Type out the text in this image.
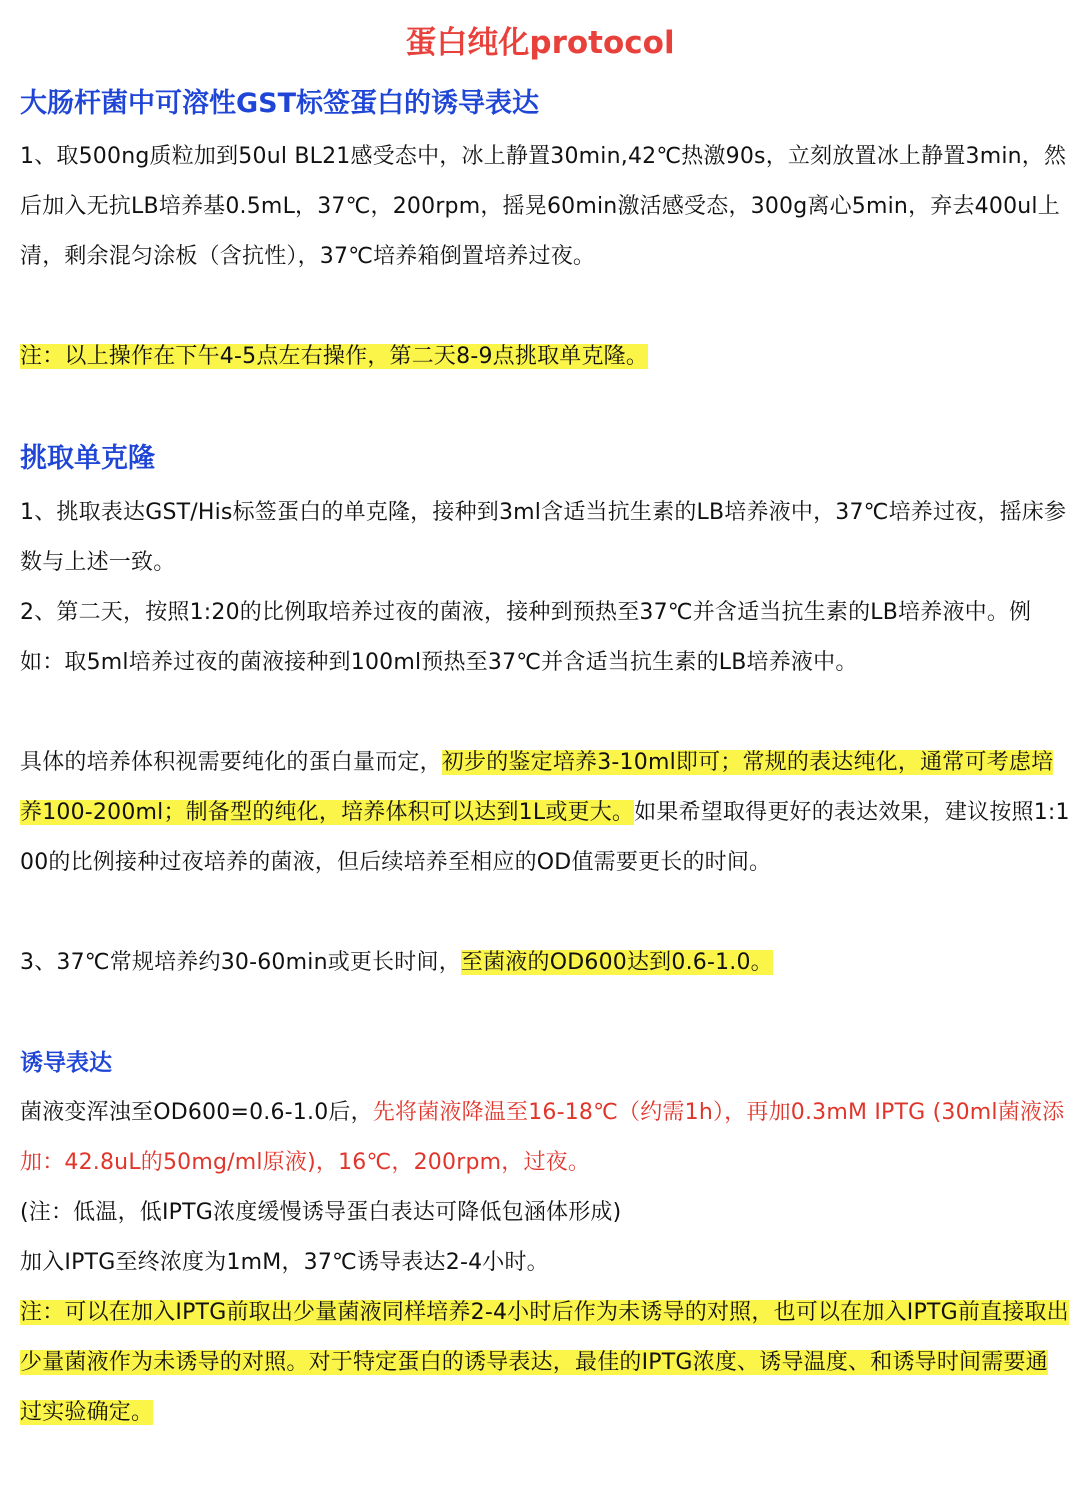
蛋白纯化protocol
大肠杆菌中可溶性GST标签蛋白的诱导表达

1、取500ng质粒加到50ul BL21感受态中，冰上静置30min,42℃热激90s，立刻放置冰上静置3min，然后加入无抗LB培养基0.5mL，37℃，200rpm，摇晃60min激活感受态，300g离心5min，弃去400ul上清，剩余混匀涂板（含抗性），37℃培养箱倒置培养过夜。

注：以上操作在下午4-5点左右操作，第二天8-9点挑取单克隆。

挑取单克隆

1、挑取表达GST/His标签蛋白的单克隆，接种到3ml含适当抗生素的LB培养液中，37℃培养过夜，摇床参数与上述一致。

2、第二天，按照1:20的比例取培养过夜的菌液，接种到预热至37℃并含适当抗生素的LB培养液中。例如：取5ml培养过夜的菌液接种到100ml预热至37℃并含适当抗生素的LB培养液中。

具体的培养体积视需要纯化的蛋白量而定，初步的鉴定培养3-10ml即可；常规的表达纯化，通常可考虑培养100-200ml；制备型的纯化，培养体积可以达到1L或更大。如果希望取得更好的表达效果，建议按照1:100的比例接种过夜培养的菌液，但后续培养至相应的OD值需要更长的时间。

3、37℃常规培养约30-60min或更长时间，至菌液的OD600达到0.6-1.0。

诱导表达

菌液变浑浊至OD600=0.6-1.0后，先将菌液降温至16-18℃（约需1h），再加0.3mM IPTG (30ml菌液添加：42.8uL的50mg/ml原液)，16℃，200rpm，过夜。

(注：低温，低IPTG浓度缓慢诱导蛋白表达可降低包涵体形成)

加入IPTG至终浓度为1mM，37℃诱导表达2-4小时。

注：可以在加入IPTG前取出少量菌液同样培养2-4小时后作为未诱导的对照，也可以在加入IPTG前直接取出少量菌液作为未诱导的对照。对于特定蛋白的诱导表达，最佳的IPTG浓度、诱导温度、和诱导时间需要通过实验确定。
